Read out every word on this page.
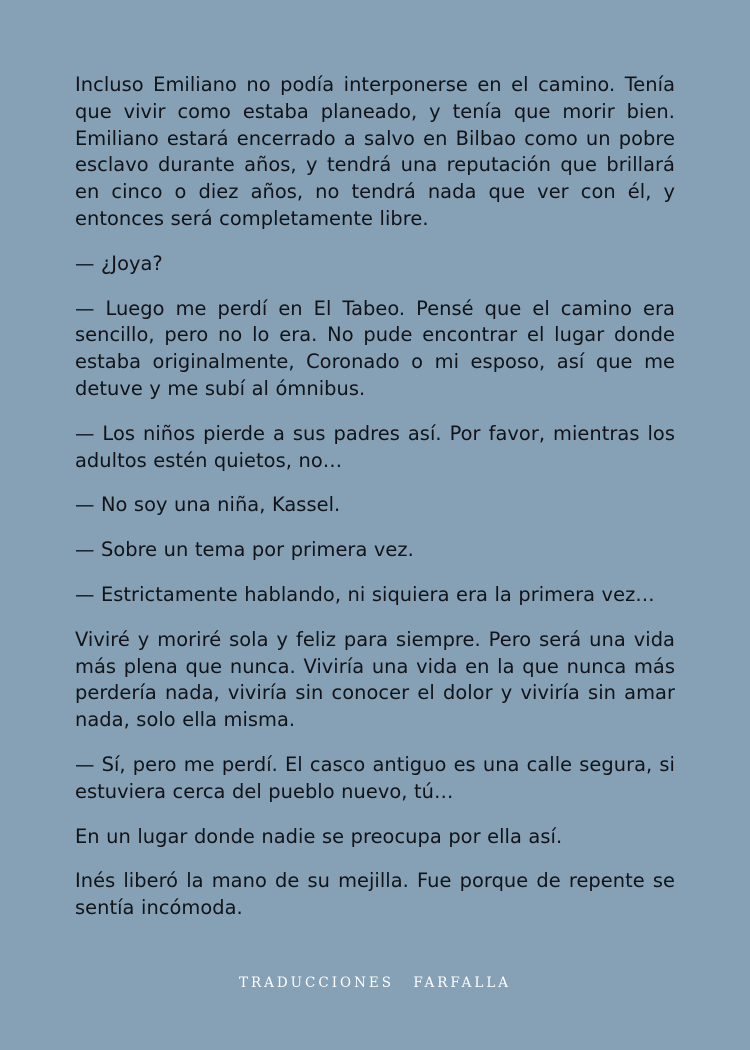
Incluso Emiliano no podía interponerse en el camino. Tenía que vivir como estaba planeado, y tenía que morir bien. Emiliano estará encerrado a salvo en Bilbao como un pobre esclavo durante años, y tendrá una reputación que brillará en cinco o diez años, no tendrá nada que ver con él, y entonces será completamente libre.

— ¿Joya?

— Luego me perdí en El Tabeo. Pensé que el camino era sencillo, pero no lo era. No pude encontrar el lugar donde estaba originalmente, Coronado o mi esposo, así que me detuve y me subí al ómnibus.

— Los niños pierde a sus padres así. Por favor, mientras los adultos estén quietos, no…

— No soy una niña, Kassel.

— Sobre un tema por primera vez.

— Estrictamente hablando, ni siquiera era la primera vez…

Viviré y moriré sola y feliz para siempre. Pero será una vida más plena que nunca. Viviría una vida en la que nunca más perdería nada, viviría sin conocer el dolor y viviría sin amar nada, solo ella misma.

— Sí, pero me perdí. El casco antiguo es una calle segura, si estuviera cerca del pueblo nuevo, tú…

En un lugar donde nadie se preocupa por ella así.

Inés liberó la mano de su mejilla. Fue porque de repente se sentía incómoda.

TRADUCCIONES FARFALLA
